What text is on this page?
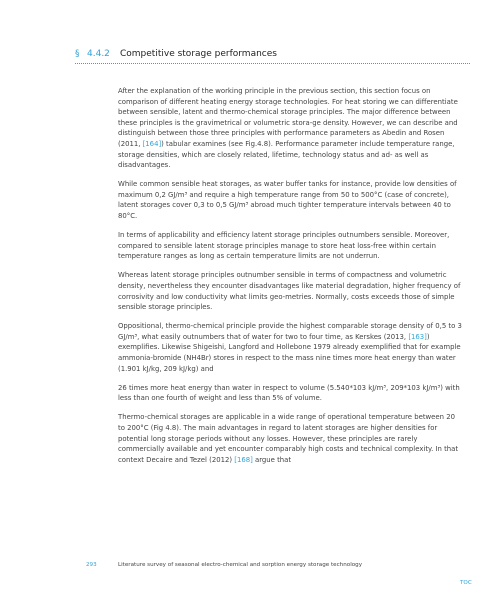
§ 4.4.2	Competitive storage performances

After the explanation of the working principle in the previous section, this section focus on comparison of different heating energy storage technologies. For heat storing we can differentiate between sensible, latent and thermo-chemical storage principles. The major difference between these principles is the gravimetrical or volumetric stora-ge density. However, we can describe and distinguish between those three principles with performance parameters as Abedin and Rosen (2011, [164]) tabular examines (see Fig.4.8). Performance parameter include temperature range, storage densities, which are closely related, lifetime, technology status and ad- as well as disadvantages.

While common sensible heat storages, as water buffer tanks for instance, provide low densities of maximum 0,2 GJ/m³ and require a high temperature range from 50 to 500°C (case of concrete), latent storages cover 0,3 to 0,5 GJ/m³ abroad much tighter temperature intervals between 40 to 80°C.

In terms of applicability and efficiency latent storage principles outnumbers sensible. Moreover, compared to sensible latent storage principles manage to store heat loss-free within certain temperature ranges as long as certain temperature limits are not underrun.

Whereas latent storage principles outnumber sensible in terms of compactness and volumetric density, nevertheless they encounter disadvantages like material degradation, higher frequency of corrosivity and low conductivity what limits geo-metries. Normally, costs exceeds those of simple sensible storage principles.

Oppositional, thermo-chemical principle provide the highest comparable storage density of 0,5 to 3 GJ/m³, what easily outnumbers that of water for two to four time, as Kerskes (2013, [163]) exemplifies. Likewise Shigeishi, Langford and Hollebone 1979 already exemplified that for example ammonia-bromide (NH4Br) stores in respect to the mass nine times more heat energy than water (1.901 kJ/kg, 209 kJ/kg) and

26 times more heat energy than water in respect to volume (5.540*103 kJ/m³, 209*103 kJ/m³) with less than one fourth of weight and less than 5% of volume.

Thermo-chemical storages are applicable in a wide range of operational temperature between 20 to 200°C (Fig 4.8). The main advantages in regard to latent storages are higher densities for potential long storage periods without any losses. However, these principles are rarely commercially available and yet encounter comparably high costs and technical complexity. In that context Decaire and Tezel (2012) [168] argue that

293	Literature survey of seasonal electro-chemical and sorption energy storage technology
TOC
